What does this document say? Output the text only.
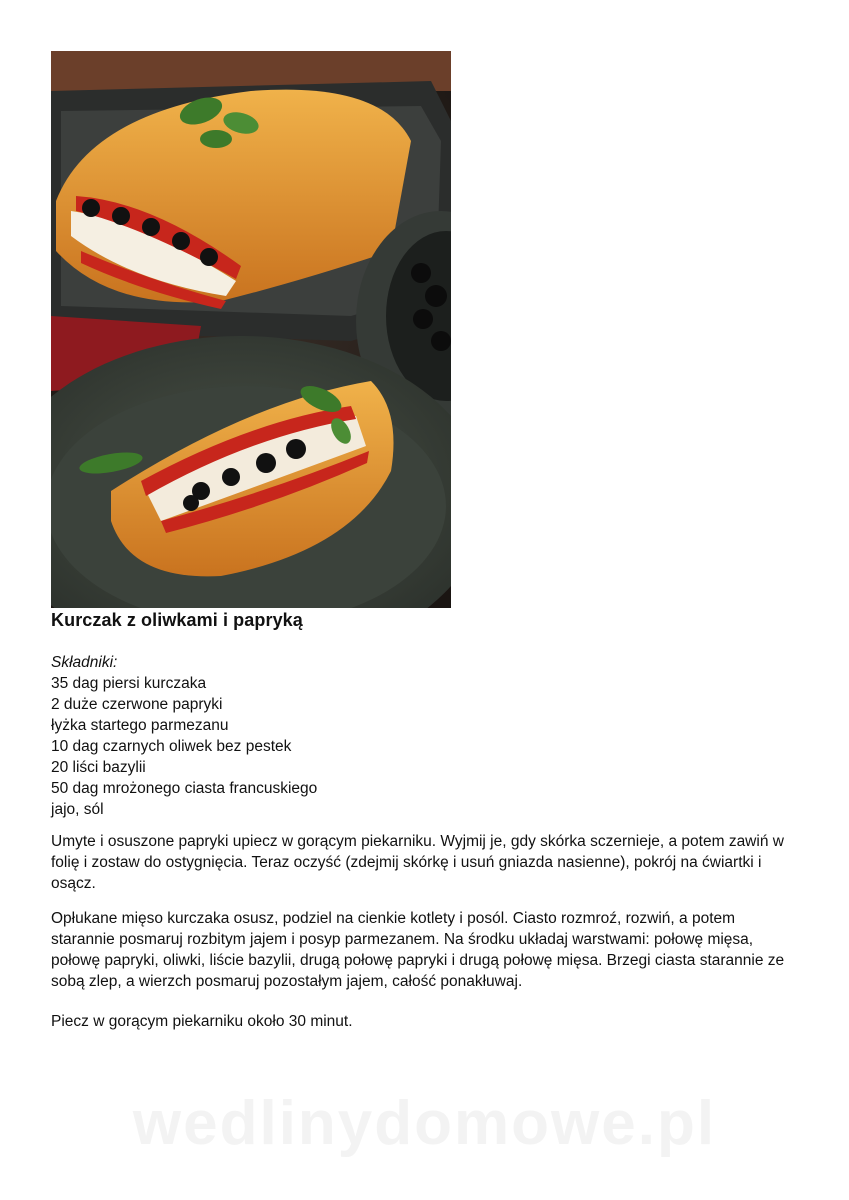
Kurczak z oliwkami i papryką
Składniki:
35 dag piersi kurczaka
2 duże czerwone papryki
łyżka startego parmezanu
10 dag czarnych oliwek bez pestek
20 liści bazylii
50 dag mrożonego ciasta francuskiego
jajo, sól

Umyte i osuszone papryki upiecz w gorącym piekarniku. Wyjmij je, gdy skórka sczernieje, a potem zawiń w folię i zostaw do ostygnięcia. Teraz oczyść (zdejmij skórkę i usuń gniazda nasienne), pokrój na ćwiartki i osącz.

Opłukane mięso kurczaka osusz, podziel na cienkie kotlety i posól. Ciasto rozmroź, rozwiń, a potem starannie posmaruj rozbitym jajem i posyp parmezanem. Na środku układaj warstwami: połowę mięsa, połowę papryki, oliwki, liście bazylii, drugą połowę papryki i drugą połowę mięsa. Brzegi ciasta starannie ze sobą zlep, a wierzch posmaruj pozostałym jajem, całość ponakłuwaj.

Piecz w gorącym piekarniku około 30 minut.

wedlinydomowe.pl
